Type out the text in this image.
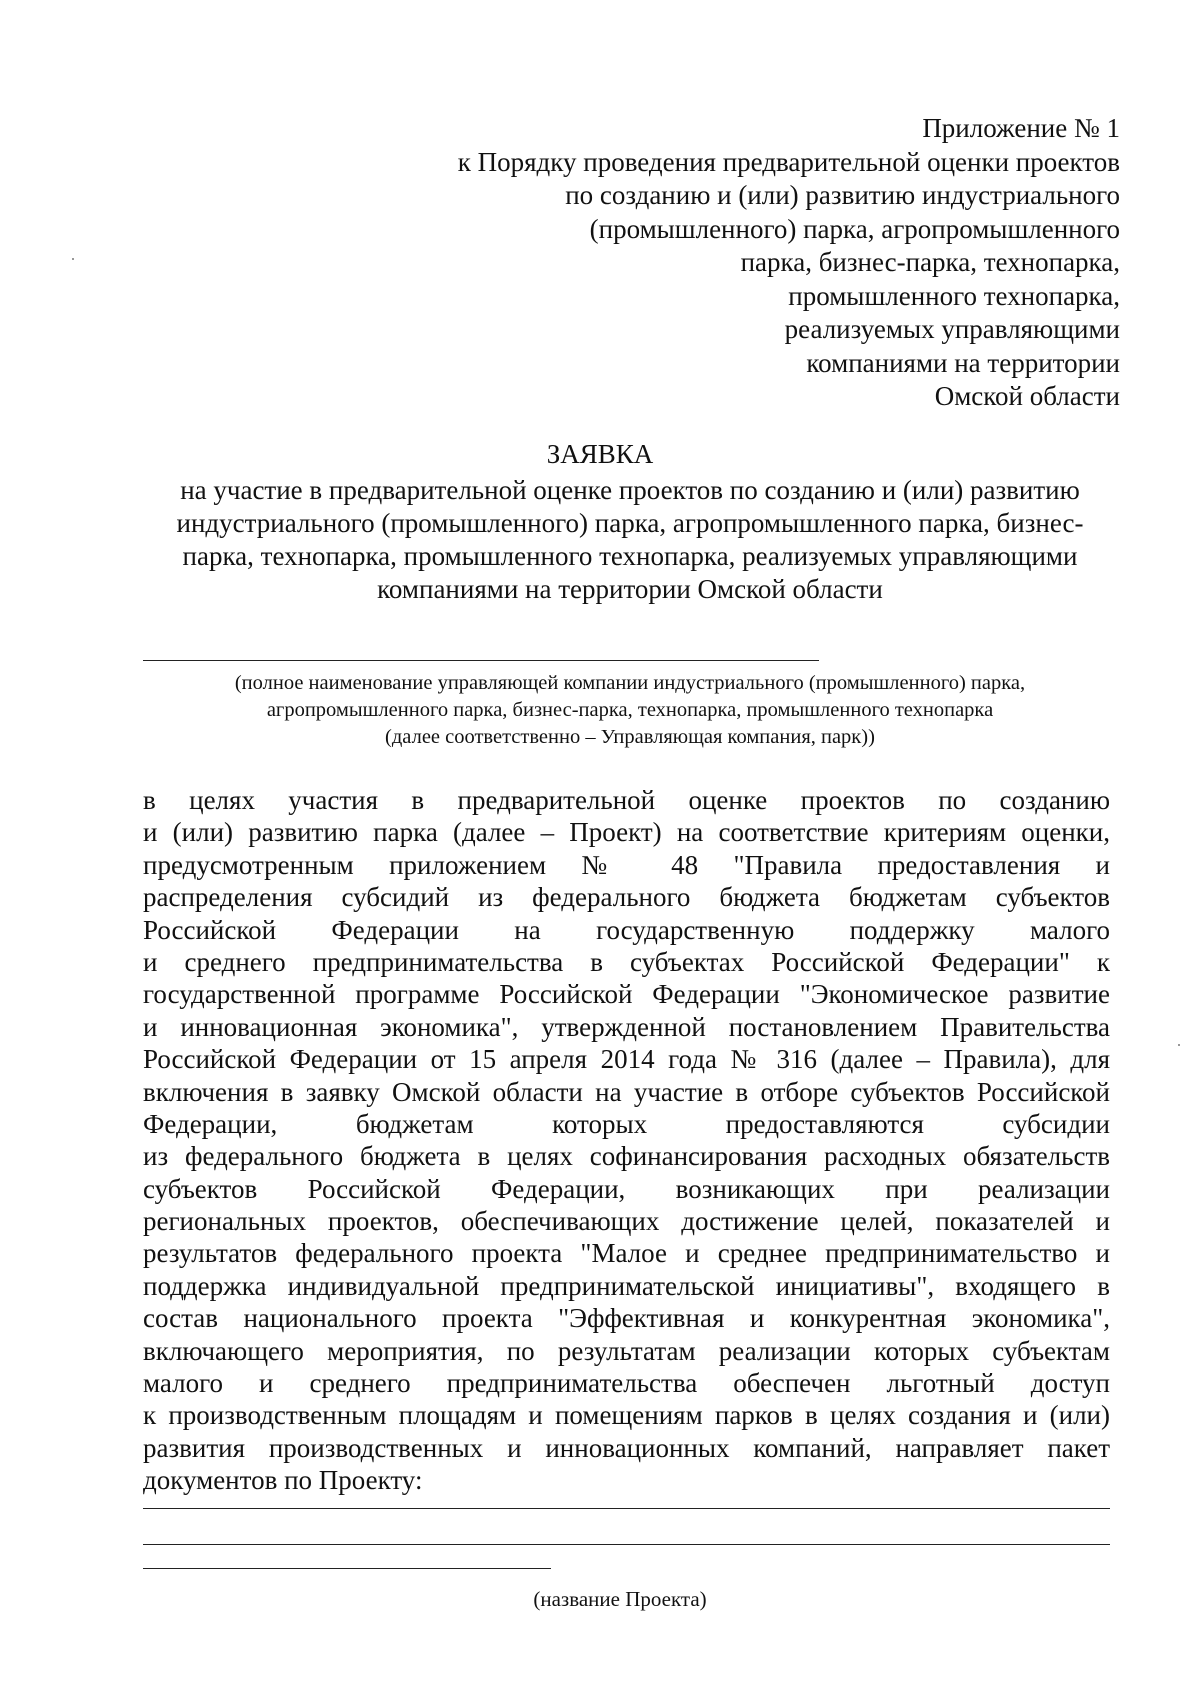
Приложение № 1
к Порядку проведения предварительной оценки проектов
по созданию и (или) развитию индустриального
(промышленного) парка, агропромышленного
парка, бизнес-парка, технопарка,
промышленного технопарка,
реализуемых управляющими
компаниями на территории
Омской области
ЗАЯВКА
на участие в предварительной оценке проектов по созданию и (или) развитию
индустриального (промышленного) парка, агропромышленного парка, бизнес-
парка, технопарка, промышленного технопарка, реализуемых управляющими
компаниями на территории Омской области
(полное наименование управляющей компании индустриального (промышленного) парка,
агропромышленного парка, бизнес-парка, технопарка, промышленного технопарка
(далее соответственно – Управляющая компания, парк))
в целях участия в предварительной оценке проектов по созданию
и (или) развитию парка (далее – Проект) на соответствие критериям оценки,
предусмотренным приложением № 48 "Правила предоставления и
распределения субсидий из федерального бюджета бюджетам субъектов
Российской Федерации на государственную поддержку малого
и среднего предпринимательства в субъектах Российской Федерации" к
государственной программе Российской Федерации "Экономическое развитие
и инновационная экономика", утвержденной постановлением Правительства
Российской Федерации от 15 апреля 2014 года № 316 (далее – Правила), для
включения в заявку Омской области на участие в отборе субъектов Российской
Федерации, бюджетам которых предоставляются субсидии
из федерального бюджета в целях софинансирования расходных обязательств
субъектов Российской Федерации, возникающих при реализации
региональных проектов, обеспечивающих достижение целей, показателей и
результатов федерального проекта "Малое и среднее предпринимательство и
поддержка индивидуальной предпринимательской инициативы", входящего в
состав национального проекта "Эффективная и конкурентная экономика",
включающего мероприятия, по результатам реализации которых субъектам
малого и среднего предпринимательства обеспечен льготный доступ
к производственным площадям и помещениям парков в целях создания и (или)
развития производственных и инновационных компаний, направляет пакет
документов по Проекту:
(название Проекта)
